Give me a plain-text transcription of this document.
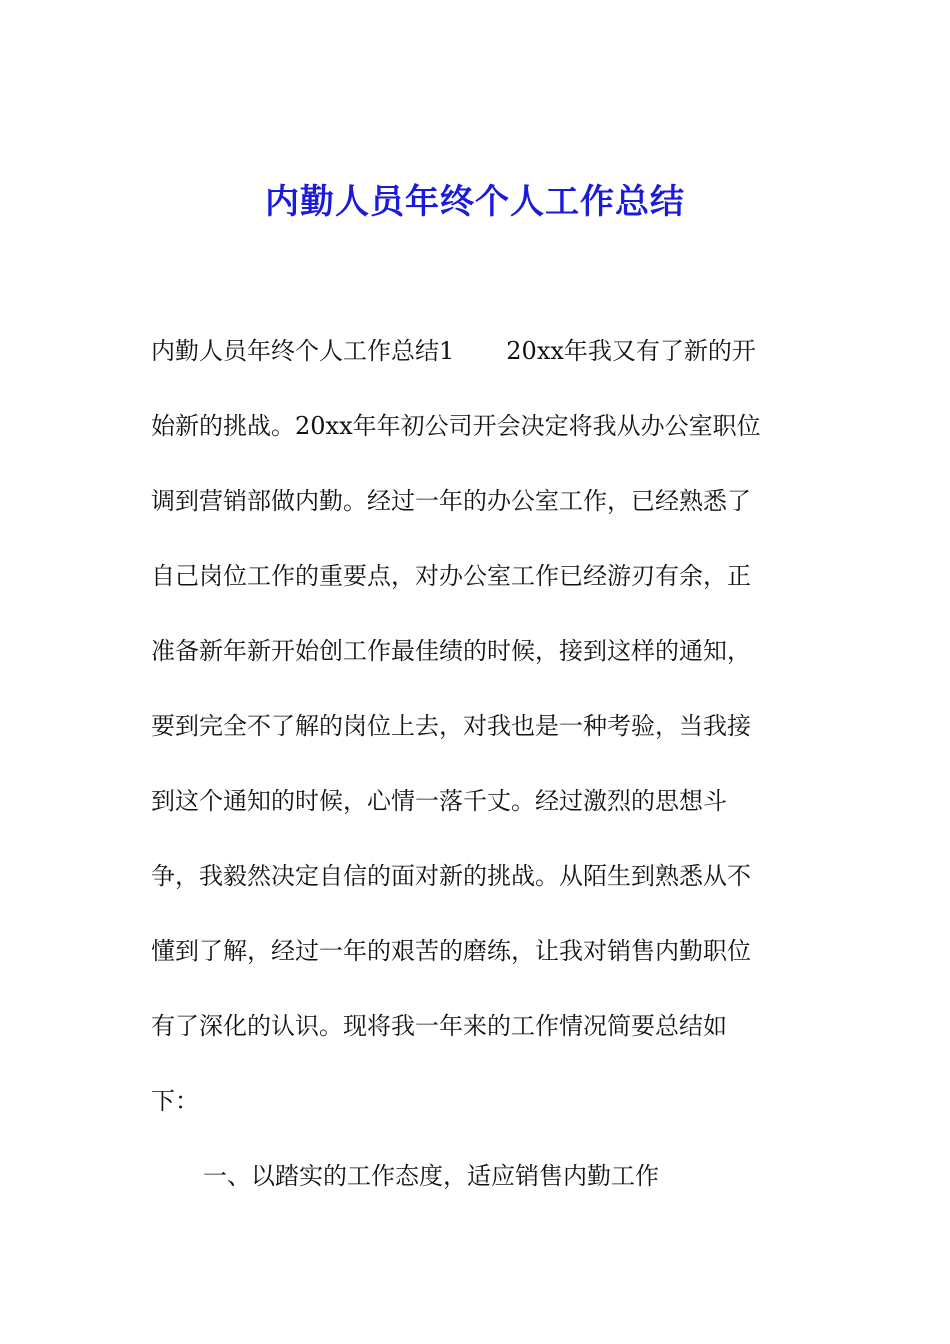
内勤人员年终个人工作总结

内勤人员年终个人工作总结1 20xx年我又有了新的开

始新的挑战。20xx年年初公司开会决定将我从办公室职位

调到营销部做内勤。经过一年的办公室工作，已经熟悉了

自己岗位工作的重要点，对办公室工作已经游刃有余，正

准备新年新开始创工作最佳绩的时候，接到这样的通知，

要到完全不了解的岗位上去，对我也是一种考验，当我接

到这个通知的时候，心情一落千丈。经过激烈的思想斗

争，我毅然决定自信的面对新的挑战。从陌生到熟悉从不

懂到了解，经过一年的艰苦的磨练，让我对销售内勤职位

有了深化的认识。现将我一年来的工作情况简要总结如

下：

一、以踏实的工作态度，适应销售内勤工作
